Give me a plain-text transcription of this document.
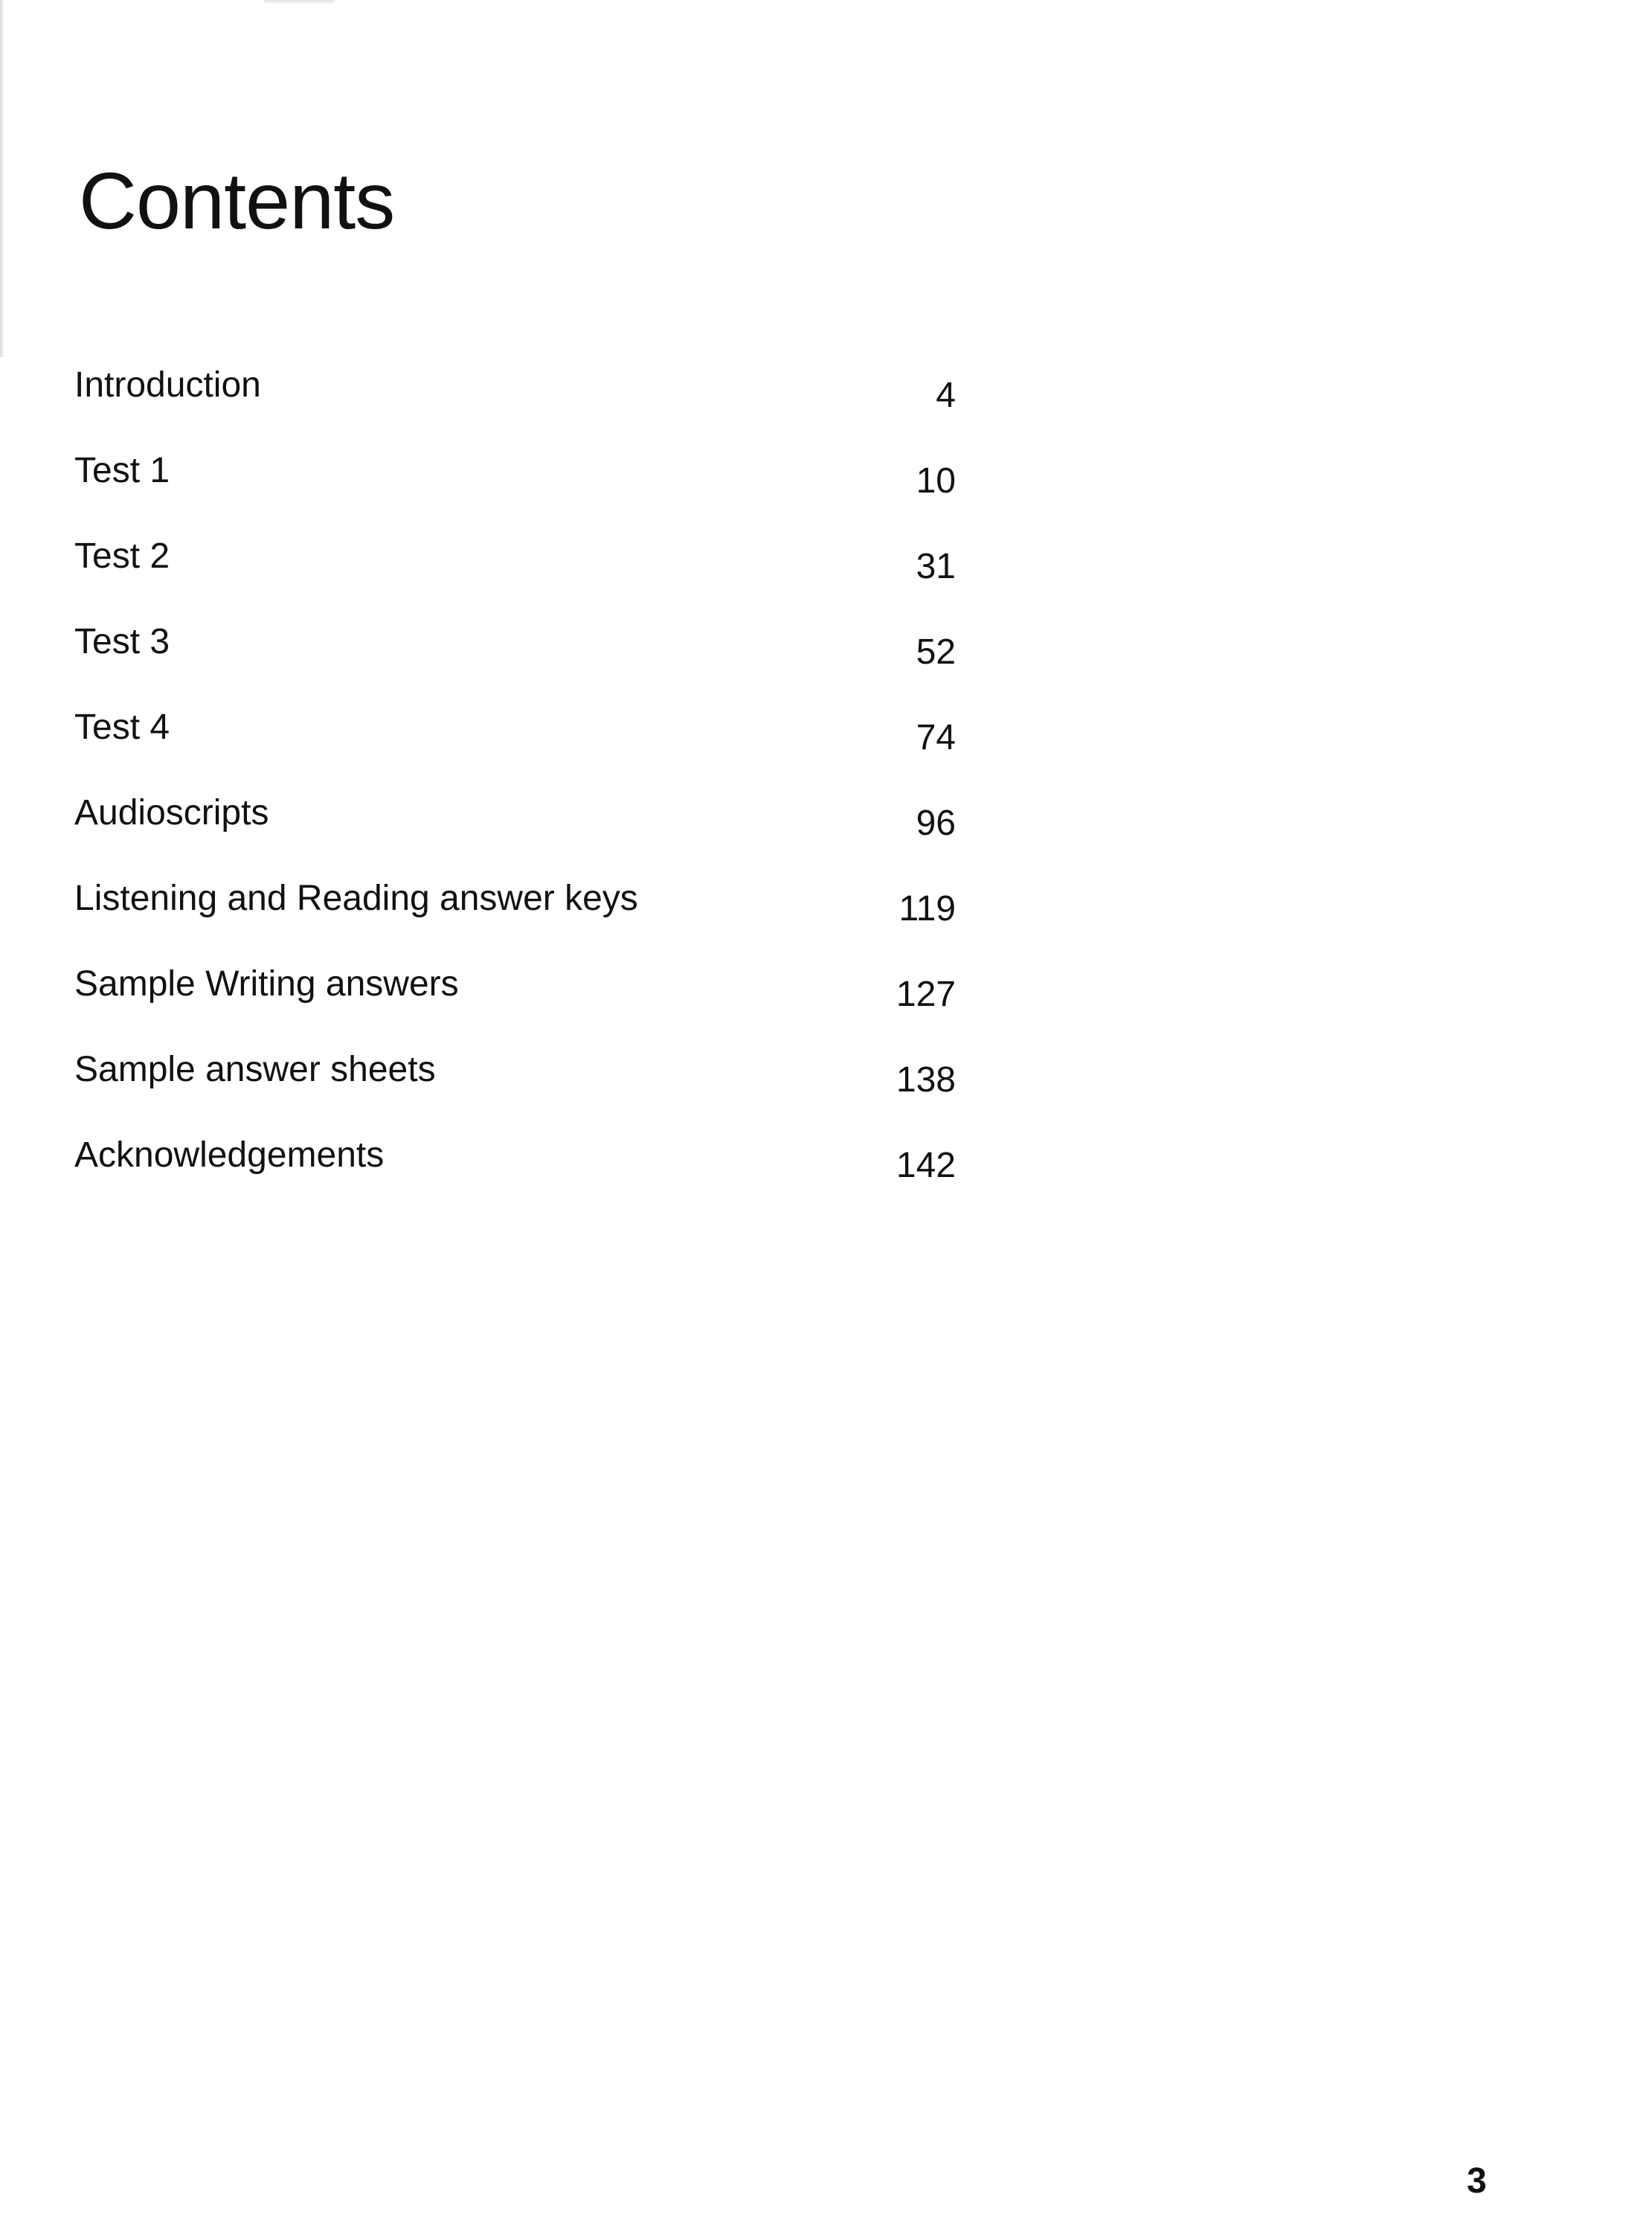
Contents
Introduction	4
Test 1	10
Test 2	31
Test 3	52
Test 4	74
Audioscripts	96
Listening and Reading answer keys	119
Sample Writing answers	127
Sample answer sheets	138
Acknowledgements	142
3
